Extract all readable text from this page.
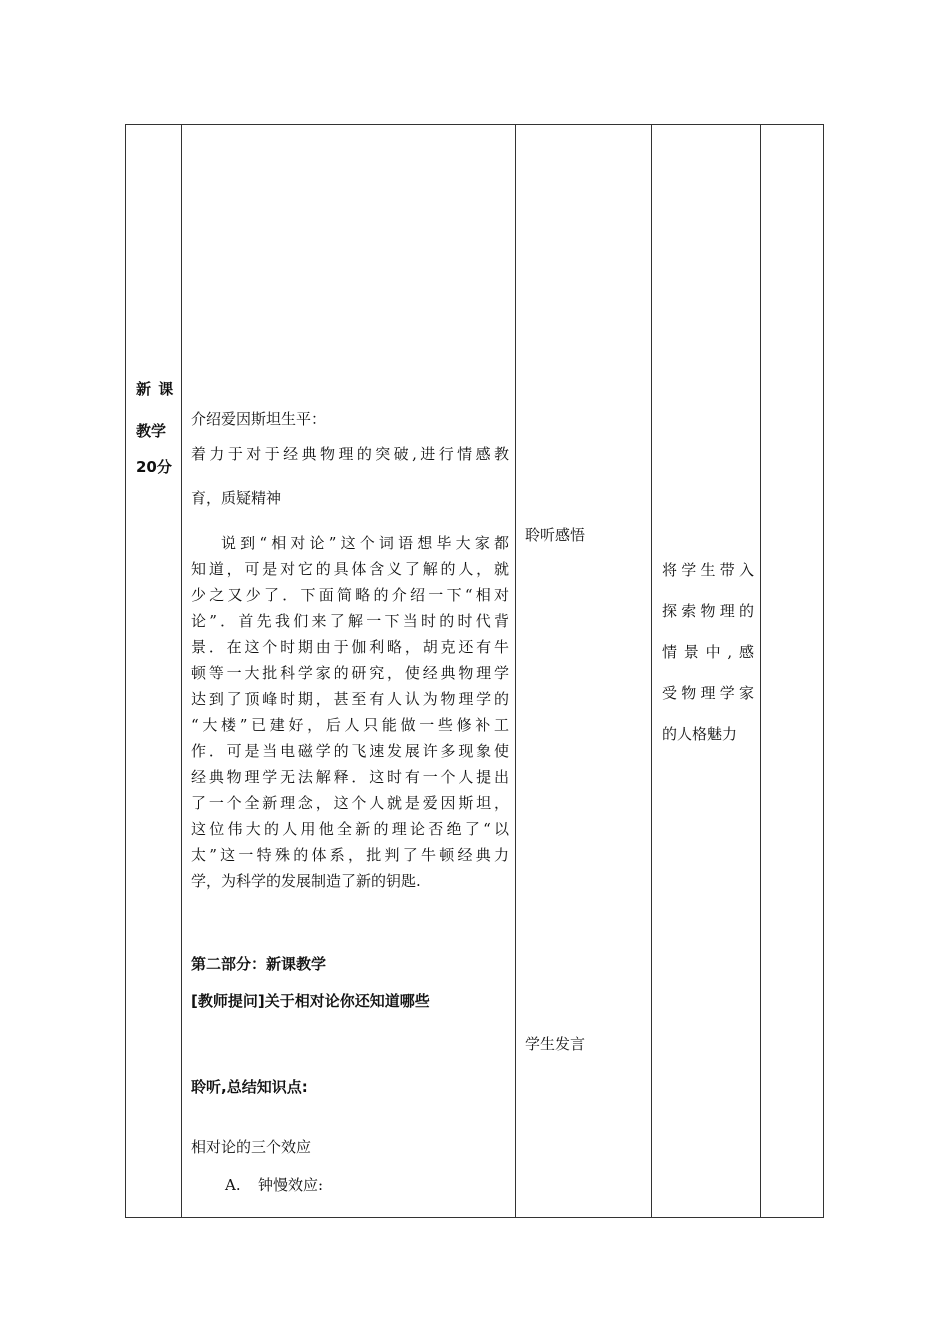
新 课
教学
20分
介绍爱因斯坦生平：

着力于对于经典物理的突破,进行情感教

育，质疑精神

说到“相对论”这个词语想毕大家都

知道，可是对它的具体含义了解的人，就

少之又少了．下面简略的介绍一下“相对

论”．首先我们来了解一下当时的时代背

景．在这个时期由于伽利略，胡克还有牛

顿等一大批科学家的研究，使经典物理学

达到了顶峰时期，甚至有人认为物理学的

“大楼”已建好，后人只能做一些修补工

作．可是当电磁学的飞速发展许多现象使

经典物理学无法解释．这时有一个人提出

了一个全新理念，这个人就是爱因斯坦，

这位伟大的人用他全新的理论否绝了“以

太”这一特殊的体系，批判了牛顿经典力

学，为科学的发展制造了新的钥匙.

第二部分：新课教学
[教师提问]关于相对论你还知道哪些
聆听,总结知识点:
相对论的三个效应
A. 钟慢效应:
聆听感悟
学生发言

将学生带入

探索物理的

情景中,感

受物理学家

的人格魅力
